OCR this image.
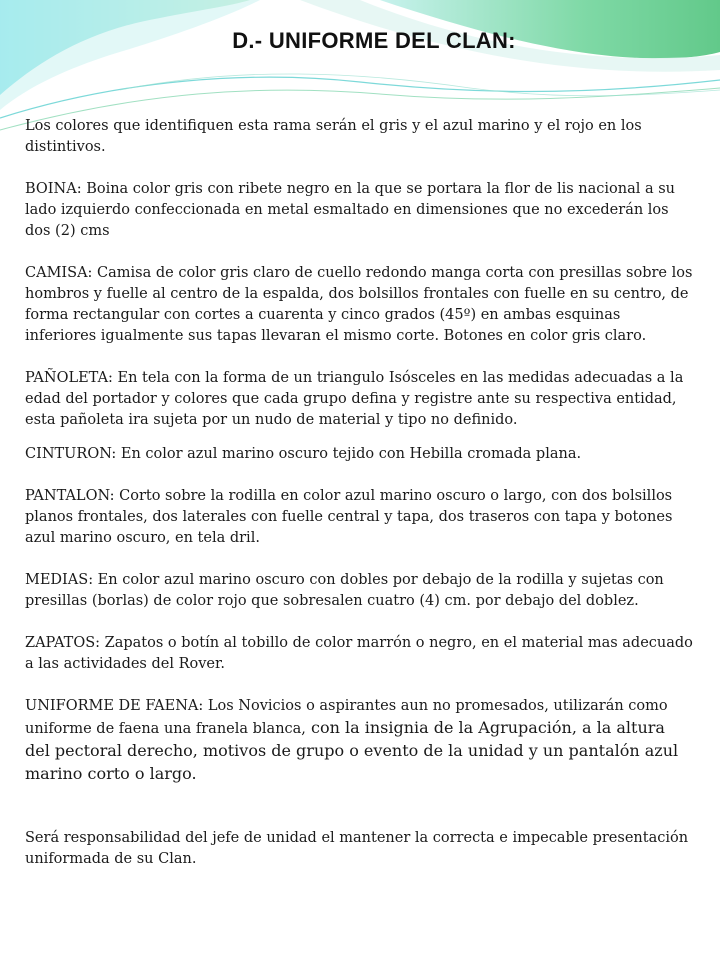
D.- UNIFORME DEL CLAN:

Los colores que identifiquen esta rama serán el gris y el azul marino y el rojo en los distintivos.

BOINA: Boina color gris con ribete negro en la que se portara la flor de lis nacional a su lado izquierdo confeccionada en metal esmaltado en dimensiones que no excederán los dos (2) cms

CAMISA: Camisa de color gris claro de cuello redondo manga corta con presillas sobre los hombros y fuelle al centro de la espalda, dos bolsillos frontales con fuelle en su centro, de forma rectangular con cortes a cuarenta y cinco grados (45º) en ambas esquinas inferiores igualmente sus tapas llevaran el mismo corte. Botones en color gris claro.

PAÑOLETA: En tela con la forma de un triangulo Isósceles en las medidas adecuadas a la edad del portador y colores que cada grupo defina y registre ante su respectiva entidad, esta pañoleta ira sujeta por un nudo de material y tipo no definido.

CINTURON: En color azul marino oscuro tejido con Hebilla cromada plana.

PANTALON: Corto sobre la rodilla en color azul marino oscuro o largo, con dos bolsillos planos frontales, dos laterales con fuelle central y tapa, dos traseros con tapa y botones azul marino oscuro, en tela dril.

MEDIAS: En color azul marino oscuro con dobles por debajo de la rodilla y sujetas con presillas (borlas) de color rojo que sobresalen cuatro (4) cm. por debajo del doblez.

ZAPATOS: Zapatos o botín al tobillo de color marrón o negro, en el material mas adecuado a las actividades del Rover.

UNIFORME DE FAENA: Los Novicios o aspirantes aun no promesados, utilizarán como uniforme de faena una franela blanca, con la insignia de la Agrupación, a la altura del pectoral derecho, motivos de grupo o evento de la unidad y un pantalón azul marino corto o largo.

Será responsabilidad del jefe de unidad el mantener la correcta e impecable presentación uniformada de su Clan.
